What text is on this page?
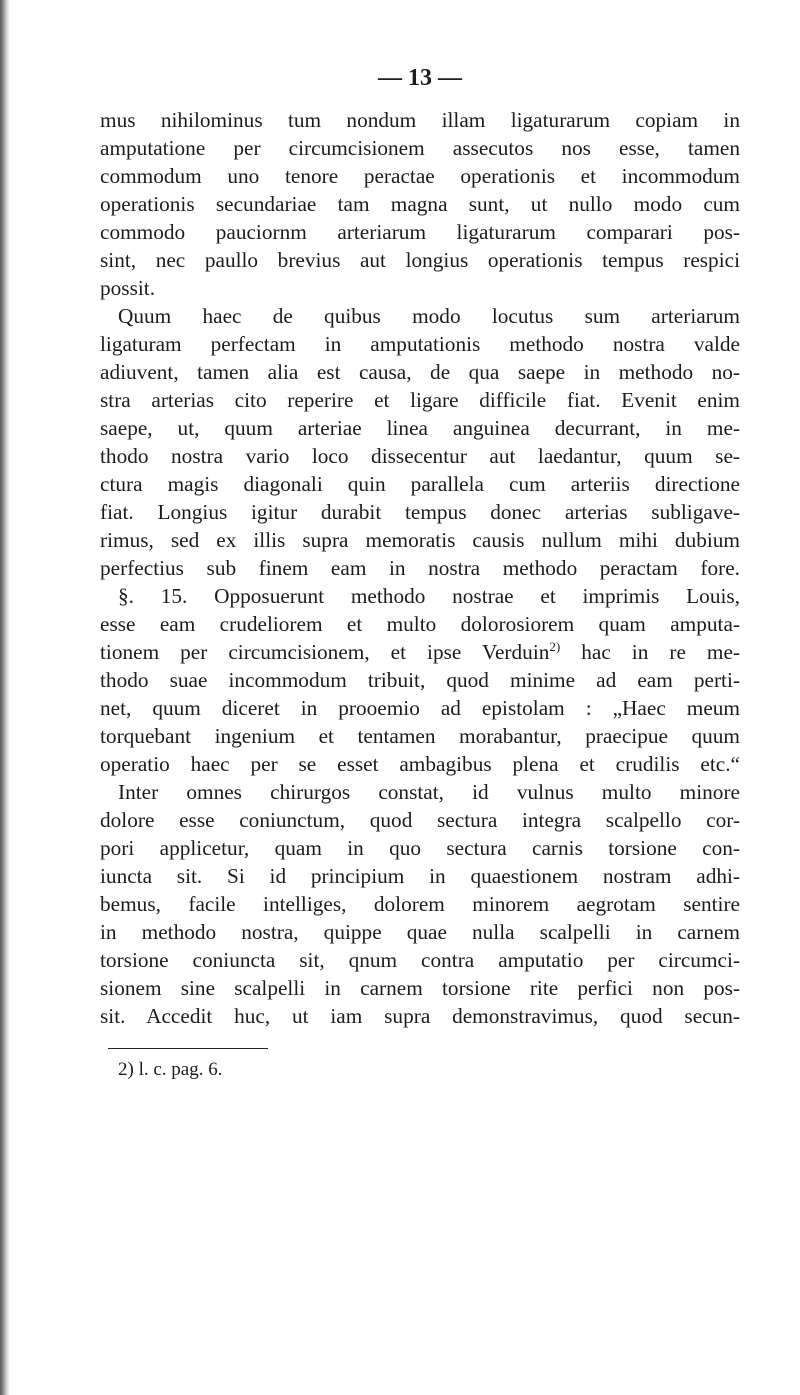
— 13 —
mus nihilominus tum nondum illam ligaturarum copiam in
amputatione per circumcisionem assecutos nos esse, tamen
commodum uno tenore peractae operationis et incommodum
operationis secundariae tam magna sunt, ut nullo modo cum
commodo pauciornm arteriarum ligaturarum comparari pos-
sint, nec paullo brevius aut longius operationis tempus respici
possit.
Quum haec de quibus modo locutus sum arteriarum
ligaturam perfectam in amputationis methodo nostra valde
adiuvent, tamen alia est causa, de qua saepe in methodo no-
stra arterias cito reperire et ligare difficile fiat. Evenit enim
saepe, ut, quum arteriae linea anguinea decurrant, in me-
thodo nostra vario loco dissecentur aut laedantur, quum se-
ctura magis diagonali quin parallela cum arteriis directione
fiat. Longius igitur durabit tempus donec arterias subligave-
rimus, sed ex illis supra memoratis causis nullum mihi dubium
perfectius sub finem eam in nostra methodo peractam fore.
§. 15. Opposuerunt methodo nostrae et imprimis Louis,
esse eam crudeliorem et multo dolorosiorem quam amputa-
tionem per circumcisionem, et ipse Verduin$^{2)}$ hac in re me-
thodo suae incommodum tribuit, quod minime ad eam perti-
net, quum diceret in prooemio ad epistolam : „Haec meum
torquebant ingenium et tentamen morabantur, praecipue quum
operatio haec per se esset ambagibus plena et crudilis etc.“
Inter omnes chirurgos constat, id vulnus multo minore
dolore esse coniunctum, quod sectura integra scalpello cor-
pori applicetur, quam in quo sectura carnis torsione con-
iuncta sit. Si id principium in quaestionem nostram adhi-
bemus, facile intelliges, dolorem minorem aegrotam sentire
in methodo nostra, quippe quae nulla scalpelli in carnem
torsione coniuncta sit, qnum contra amputatio per circumci-
sionem sine scalpelli in carnem torsione rite perfici non pos-
sit. Accedit huc, ut iam supra demonstravimus, quod secun-
2) l. c. pag. 6.
